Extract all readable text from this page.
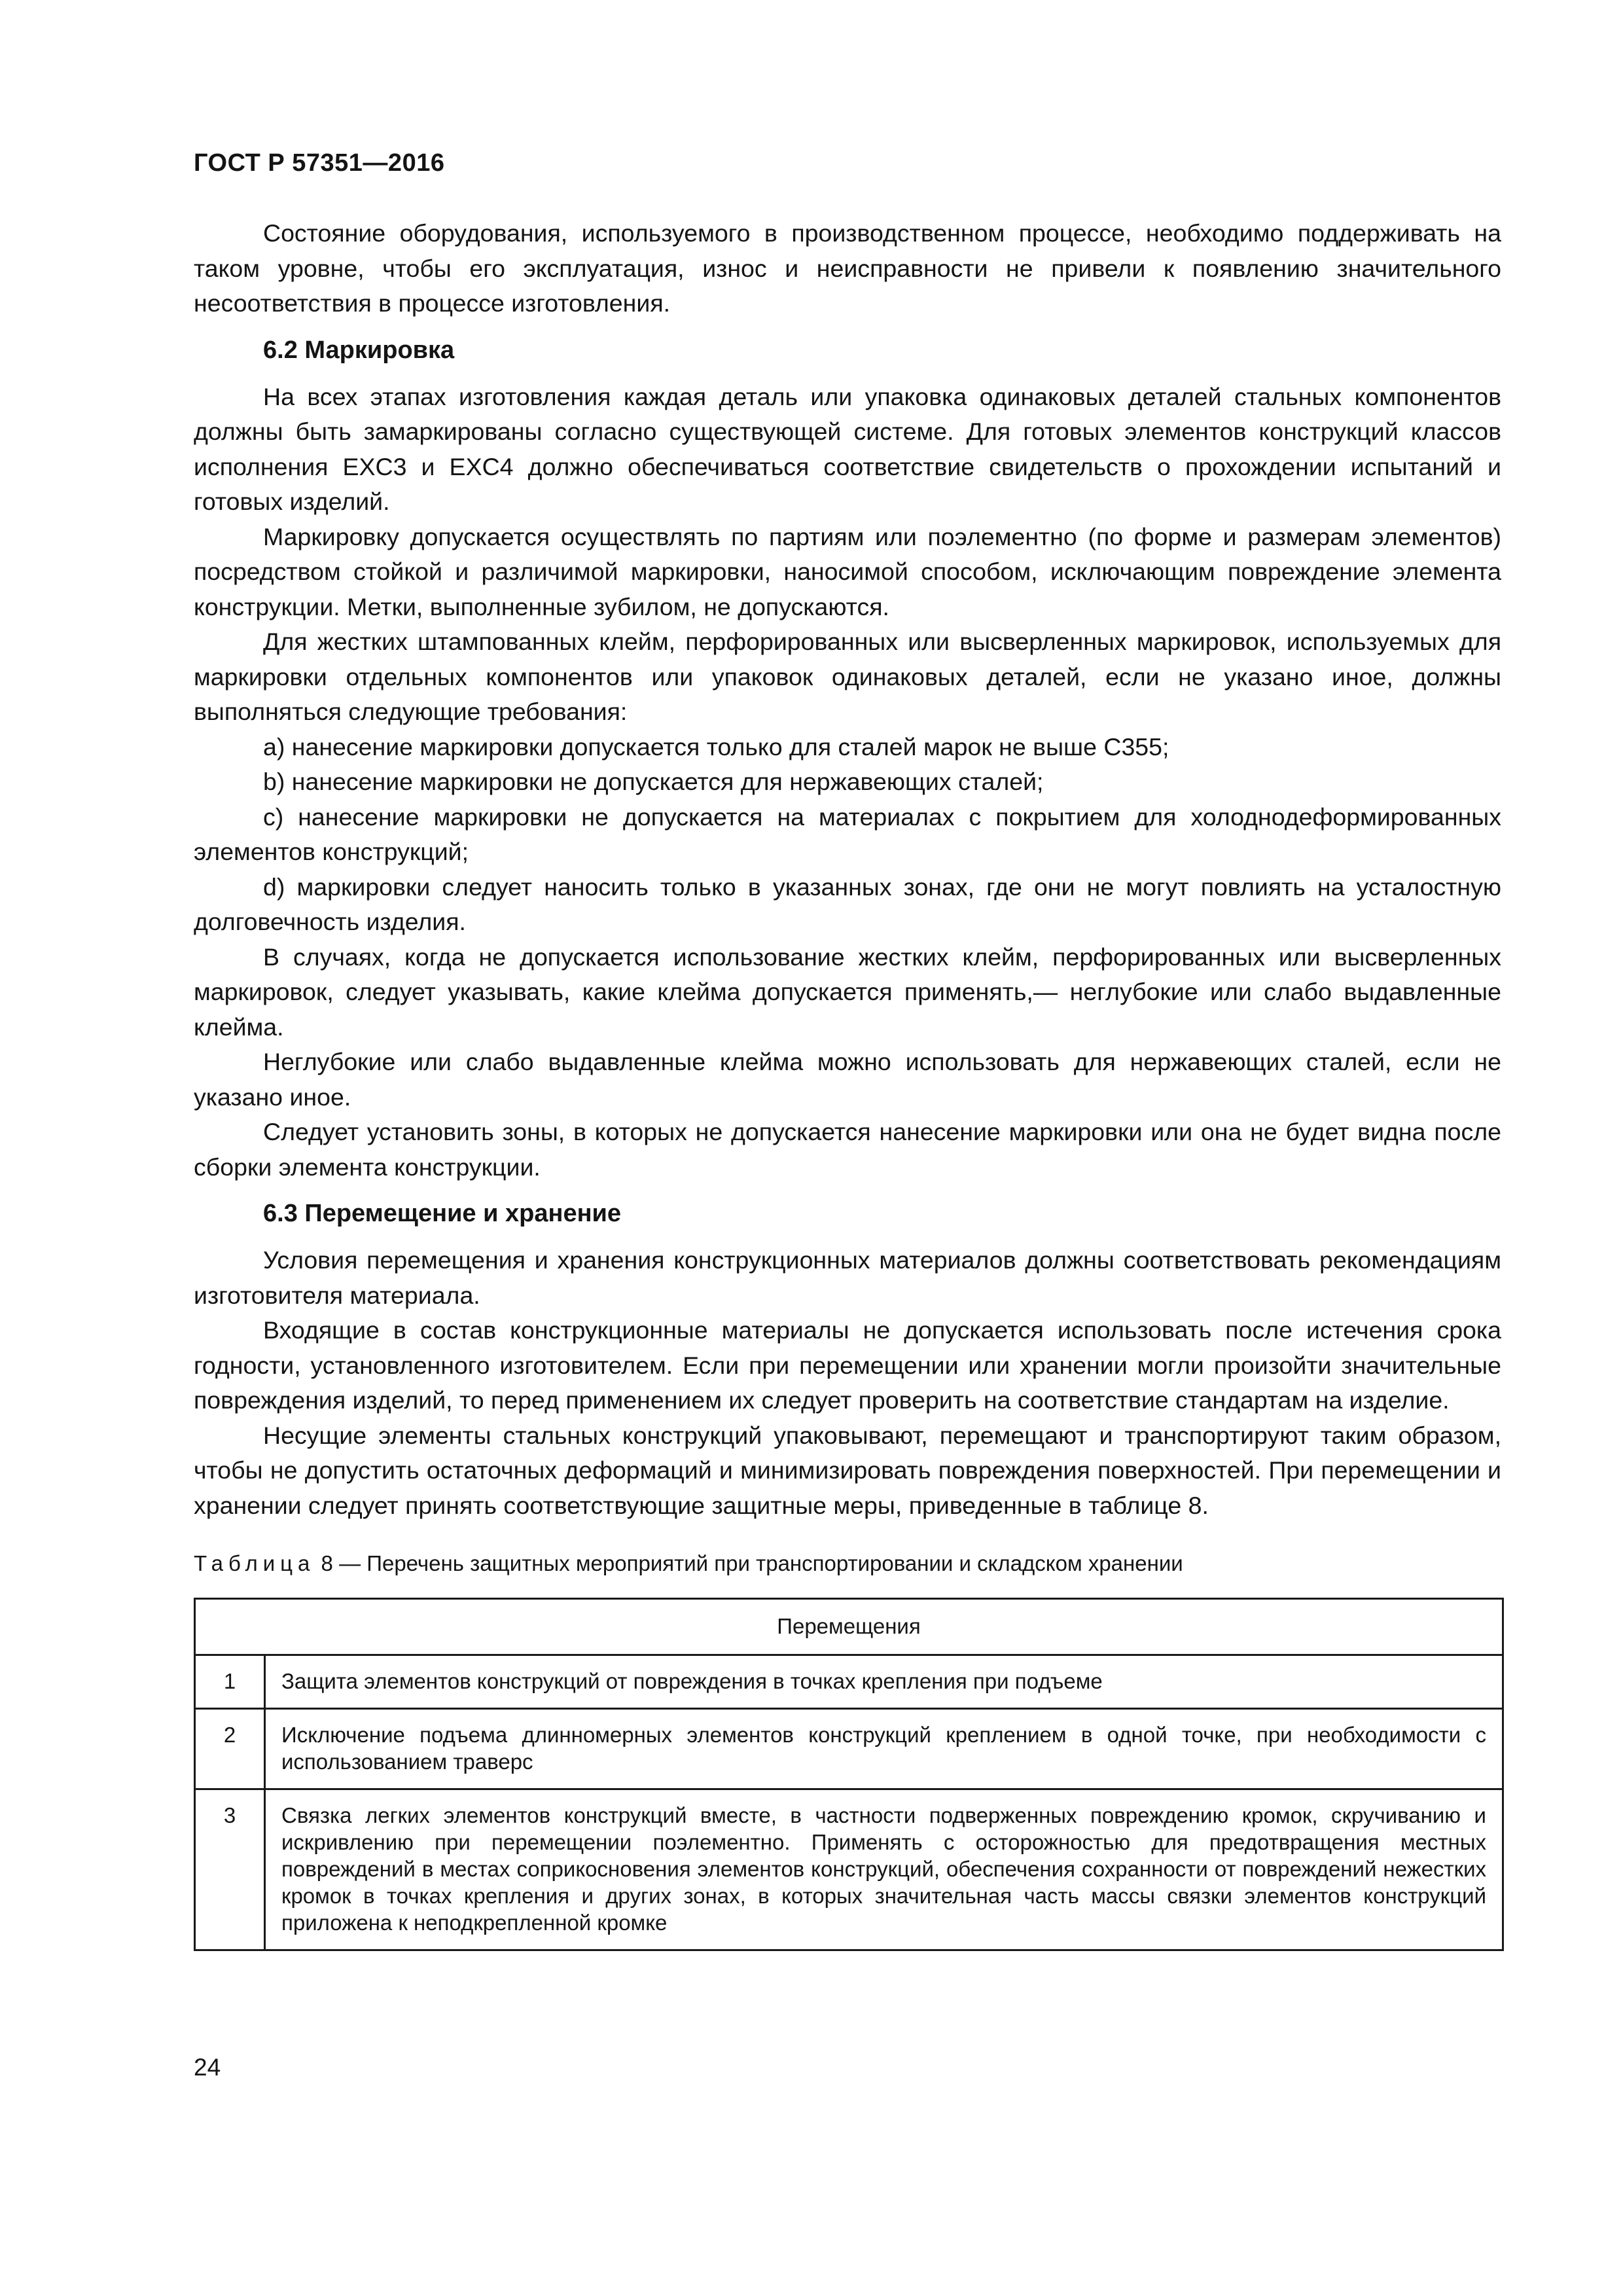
ГОСТ Р 57351—2016

Состояние оборудования, используемого в производственном процессе, необходимо поддерживать на таком уровне, чтобы его эксплуатация, износ и неисправности не привели к появлению значительного несоответствия в процессе изготовления.

6.2 Маркировка

На всех этапах изготовления каждая деталь или упаковка одинаковых деталей стальных компонентов должны быть замаркированы согласно существующей системе. Для готовых элементов конструкций классов исполнения EXC3 и EXC4 должно обеспечиваться соответствие свидетельств о прохождении испытаний и готовых изделий.

Маркировку допускается осуществлять по партиям или поэлементно (по форме и размерам элементов) посредством стойкой и различимой маркировки, наносимой способом, исключающим повреждение элемента конструкции. Метки, выполненные зубилом, не допускаются.

Для жестких штампованных клейм, перфорированных или высверленных маркировок, используемых для маркировки отдельных компонентов или упаковок одинаковых деталей, если не указано иное, должны выполняться следующие требования:

a) нанесение маркировки допускается только для сталей марок не выше С355;

b) нанесение маркировки не допускается для нержавеющих сталей;

c) нанесение маркировки не допускается на материалах с покрытием для холоднодеформированных элементов конструкций;

d) маркировки следует наносить только в указанных зонах, где они не могут повлиять на усталостную долговечность изделия.

В случаях, когда не допускается использование жестких клейм, перфорированных или высверленных маркировок, следует указывать, какие клейма допускается применять,— неглубокие или слабо выдавленные клейма.

Неглубокие или слабо выдавленные клейма можно использовать для нержавеющих сталей, если не указано иное.

Следует установить зоны, в которых не допускается нанесение маркировки или она не будет видна после сборки элемента конструкции.

6.3 Перемещение и хранение

Условия перемещения и хранения конструкционных материалов должны соответствовать рекомендациям изготовителя материала.

Входящие в состав конструкционные материалы не допускается использовать после истечения срока годности, установленного изготовителем. Если при перемещении или хранении могли произойти значительные повреждения изделий, то перед применением их следует проверить на соответствие стандартам на изделие.

Несущие элементы стальных конструкций упаковывают, перемещают и транспортируют таким образом, чтобы не допустить остаточных деформаций и минимизировать повреждения поверхностей. При перемещении и хранении следует принять соответствующие защитные меры, приведенные в таблице 8.

Таблица 8 — Перечень защитных мероприятий при транспортировании и складском хранении
Перемещения	
1	Защита элементов конструкций от повреждения в точках крепления при подъеме
2	Исключение подъема длинномерных элементов конструкций креплением в одной точке, при необходимости с использованием траверс
3	Связка легких элементов конструкций вместе, в частности подверженных повреждению кромок, скручиванию и искривлению при перемещении поэлементно. Применять с осторожностью для предотвращения местных повреждений в местах соприкосновения элементов конструкций, обеспечения сохранности от повреждений нежестких кромок в точках крепления и других зонах, в которых значительная часть массы связки элементов конструкций приложена к неподкрепленной кромке
24
